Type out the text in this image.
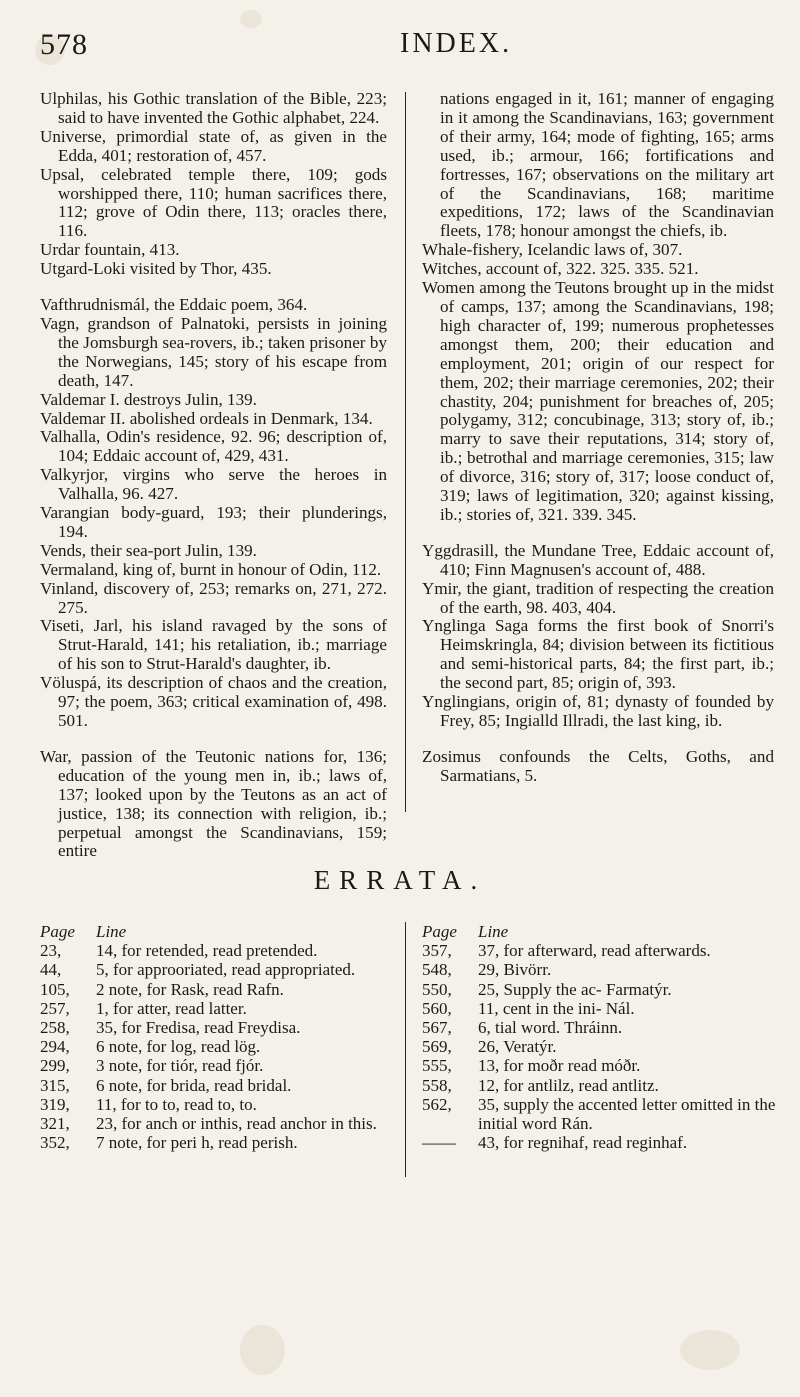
578	INDEX.

Ulphilas, his Gothic translation of the Bible, 223; said to have invented the Gothic alphabet, 224.

Universe, primordial state of, as given in the Edda, 401; restoration of, 457.

Upsal, celebrated temple there, 109; gods worshipped there, 110; human sacrifices there, 112; grove of Odin there, 113; oracles there, 116.

Urdar fountain, 413.

Utgard-Loki visited by Thor, 435.

Vafthrudnismál, the Eddaic poem, 364.

Vagn, grandson of Palnatoki, persists in joining the Jomsburgh sea-rovers, ib.; taken prisoner by the Norwegians, 145; story of his escape from death, 147.

Valdemar I. destroys Julin, 139.

Valdemar II. abolished ordeals in Denmark, 134.

Valhalla, Odin's residence, 92. 96; description of, 104; Eddaic account of, 429, 431.

Valkyrjor, virgins who serve the heroes in Valhalla, 96. 427.

Varangian body-guard, 193; their plunderings, 194.

Vends, their sea-port Julin, 139.

Vermaland, king of, burnt in honour of Odin, 112.

Vinland, discovery of, 253; remarks on, 271, 272. 275.

Viseti, Jarl, his island ravaged by the sons of Strut-Harald, 141; his retaliation, ib.; marriage of his son to Strut-Harald's daughter, ib.

Völuspá, its description of chaos and the creation, 97; the poem, 363; critical examination of, 498. 501.

War, passion of the Teutonic nations for, 136; education of the young men in, ib.; laws of, 137; looked upon by the Teutons as an act of justice, 138; its connection with religion, ib.; perpetual amongst the Scandinavians, 159; entire

nations engaged in it, 161; manner of engaging in it among the Scandinavians, 163; government of their army, 164; mode of fighting, 165; arms used, ib.; armour, 166; fortifications and fortresses, 167; observations on the military art of the Scandinavians, 168; maritime expeditions, 172; laws of the Scandinavian fleets, 178; honour amongst the chiefs, ib.

Whale-fishery, Icelandic laws of, 307.

Witches, account of, 322. 325. 335. 521.

Women among the Teutons brought up in the midst of camps, 137; among the Scandinavians, 198; high character of, 199; numerous prophetesses amongst them, 200; their education and employment, 201; origin of our respect for them, 202; their marriage ceremonies, 202; their chastity, 204; punishment for breaches of, 205; polygamy, 312; concubinage, 313; story of, ib.; marry to save their reputations, 314; story of, ib.; betrothal and marriage ceremonies, 315; law of divorce, 316; story of, 317; loose conduct of, 319; laws of legitimation, 320; against kissing, ib.; stories of, 321. 339. 345.

Yggdrasill, the Mundane Tree, Eddaic account of, 410; Finn Magnusen's account of, 488.

Ymir, the giant, tradition of respecting the creation of the earth, 98. 403, 404.

Ynglinga Saga forms the first book of Snorri's Heimskringla, 84; division between its fictitious and semi-historical parts, 84; the first part, ib.; the second part, 85; origin of, 393.

Ynglingians, origin of, 81; dynasty of founded by Frey, 85; Ingialld Illradi, the last king, ib.

Zosimus confounds the Celts, Goths, and Sarmatians, 5.

ERRATA.
Page	Line
23,	14, for retended, read pretended.
44,	5, for approoriated, read appropriated.
105,	2 note, for Rask, read Rafn.
257,	1, for atter, read latter.
258,	35, for Fredisa, read Freydisa.
294,	6 note, for log, read lög.
299,	3 note, for tiór, read fjór.
315,	6 note, for brida, read bridal.
319,	11, for to to, read to, to.
321,	23, for anch or inthis, read anchor in this.
352,	7 note, for peri h, read perish.
Page	Line
357,	37, for afterward, read afterwards.
548,	29, Bivörr.
550,	25, Supply the ac- Farmatýr.
560,	11, cent in the ini- Nál.
567,	6, tial word. Thráinn.
569,	26, Veratýr.
555,	13, for moðr read móðr.
558,	12, for antlilz, read antlitz.
562,	35, supply the accented letter omitted in the initial word Rán.
——	43, for regnihaf, read reginhaf.
